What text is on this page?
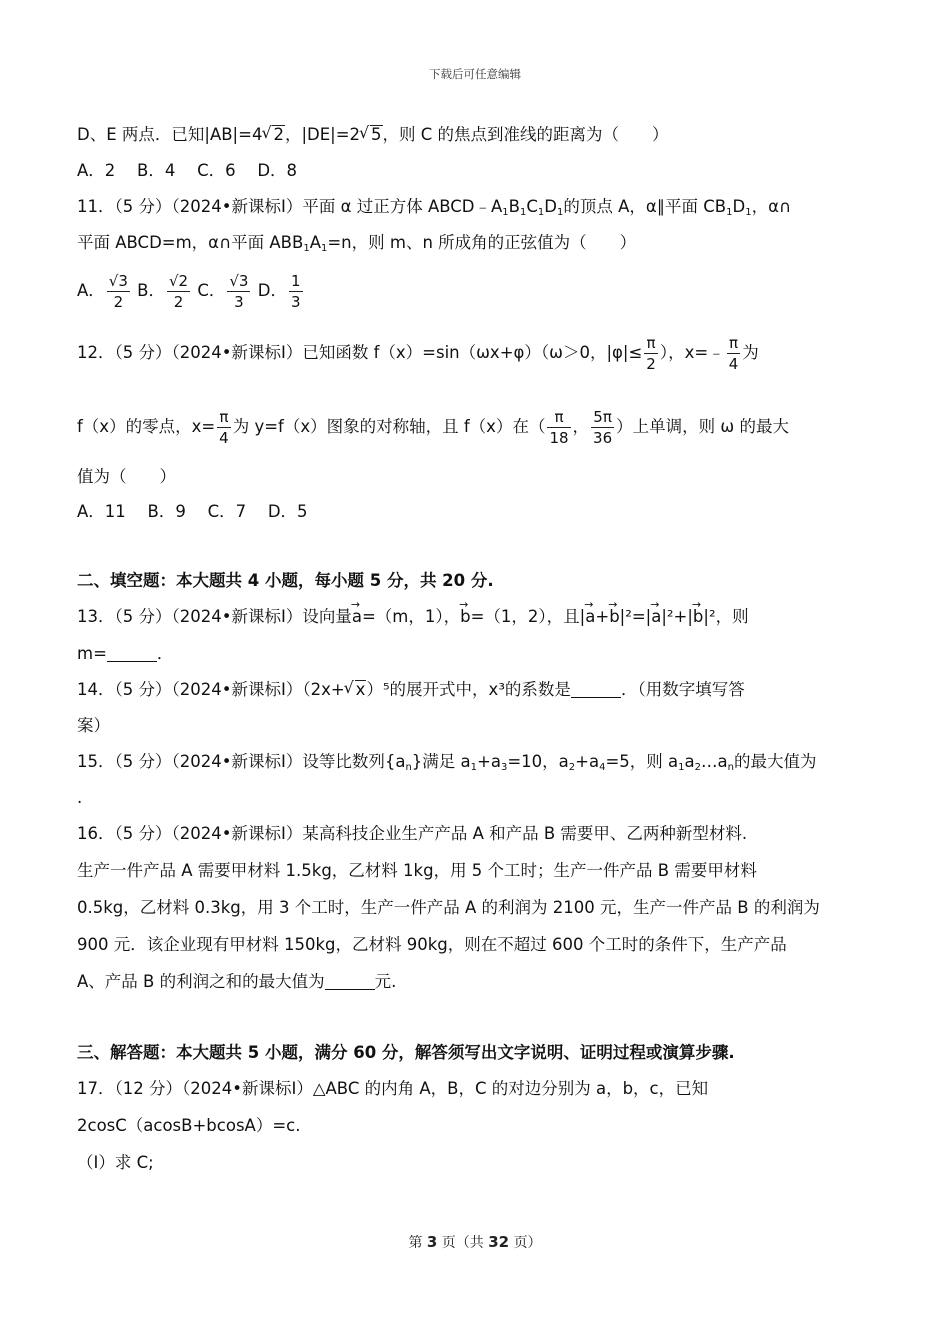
下载后可任意编辑
D、E 两点．已知|AB|=4 √ 2，|DE|=2 √ 5，则 C 的焦点到准线的距离为（　　）
A．2　 B．4　 C．6　 D．8
11．（5 分）（2024•新课标Ⅰ）平面 α 过正方体 $ABCD﹣A_1B_1C_1D_1$的顶点 A，α∥平面 $CB_1D_1$，α∩
平面 ABCD=m，α∩平面 $ABB_1A_1=n$，则 m、n 所成角的正弦值为（　　）
A． $\frac{√3}{2}$ B． $\frac{√2}{2}$ C． $\frac{√3}{3}$ D． $\frac{1}{3}$
12．（5 分）（2024•新课标Ⅰ）已知函数 f（x）=sin（ωx+φ）（ω＞0，$|\varphi|\le \frac{\pi}{2}$ ），x=﹣ $\frac{\pi}{4}$ 为
f（x）的零点，$x= \frac{\pi}{4}$ 为 y=f（x）图象的对称轴，且 f（x）在（ $\frac{\pi}{18}$ ， $\frac{5\pi}{36}$ ）上单调，则 ω 的最大
值为（　　）
A．11　 B．9　 C．7　 D．5
二、填空题：本大题共 4 小题，每小题 5 分，共 20 分.
13．（5 分）（2024•新课标Ⅰ）设向量→ a=（m，1），→ b=（1，2），且|→ a+→ b|²=|→ a|²+|→ b|²，则
m=	．
14．（5 分）（2024•新课标Ⅰ）（2x+ √ x）⁵的展开式中，x³的系数是	．（用数字填写答
案）
15．（5 分）（2024•新课标Ⅰ）设等比数列$\{a_n\}$满足 $a_1+a_3=10$，$a_2+a_4=5$，则 $a_1a_2\dots a_n$的最大值为
.
16．（5 分）（2024•新课标Ⅰ）某高科技企业生产产品 A 和产品 B 需要甲、乙两种新型材料.
生产一件产品 A 需要甲材料 1.5kg，乙材料 1kg，用 5 个工时；生产一件产品 B 需要甲材料
0.5kg，乙材料 0.3kg，用 3 个工时，生产一件产品 A 的利润为 2100 元，生产一件产品 B 的利润为
900 元．该企业现有甲材料 150kg，乙材料 90kg，则在不超过 600 个工时的条件下，生产产品
A、产品 B 的利润之和的最大值为	元.
三、解答题：本大题共 5 小题，满分 60 分，解答须写出文字说明、证明过程或演算步骤.
17．（12 分）（2024•新课标Ⅰ）△ABC 的内角 A，B，C 的对边分别为 a，b，c，已知
2cosC（acosB+bcosA）=c.
（Ⅰ）求 C;
第 3 页（共 32 页）
